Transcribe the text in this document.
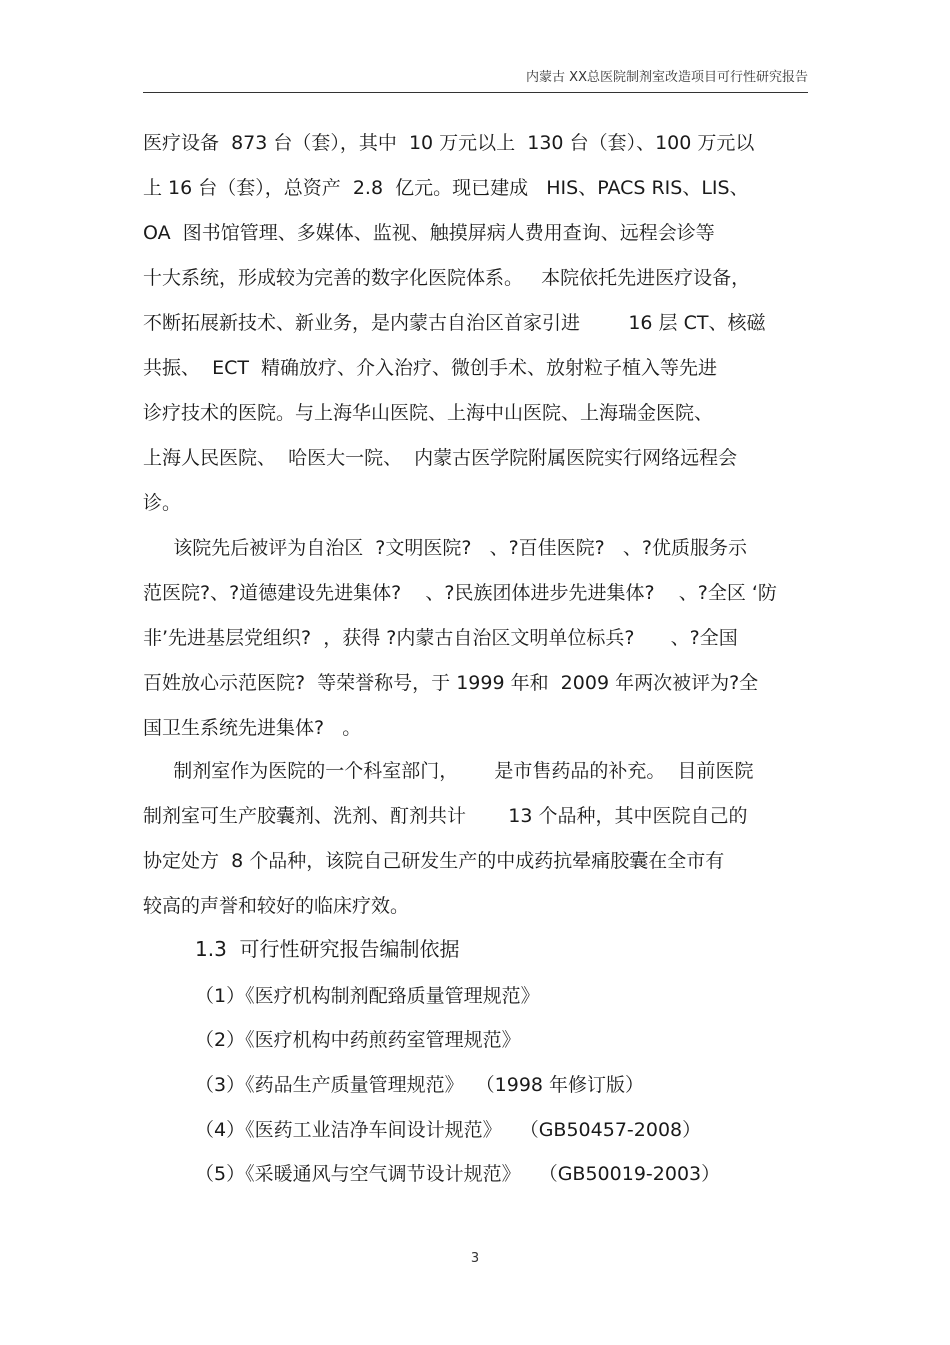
内蒙古 XX总医院制剂室改造项目可行性研究报告
医疗设备  873 台（套），其中  10 万元以上  130 台（套）、100 万元以
上 16 台（套），总资产  2.8  亿元。现已建成   HIS、PACS RIS、LIS、
OA  图书馆管理、多媒体、监视、触摸屏病人费用查询、远程会诊等
十大系统，形成较为完善的数字化医院体系。   本院依托先进医疗设备，
不断拓展新技术、新业务，是内蒙古自治区首家引进        16 层 CT、核磁
共振、  ECT  精确放疗、介入治疗、微创手术、放射粒子植入等先进
诊疗技术的医院。与上海华山医院、上海中山医院、上海瑞金医院、
上海人民医院、  哈医大一院、  内蒙古医学院附属医院实行网络远程会
诊。
该院先后被评为自治区  ?文明医院?   、?百佳医院?   、?优质服务示
范医院?、?道德建设先进集体?    、?民族团体进步先进集体?    、?全区 ‘防
非’先进基层党组织?  ，获得 ?内蒙古自治区文明单位标兵?      、?全国
百姓放心示范医院?  等荣誉称号，于 1999 年和  2009 年两次被评为?全
国卫生系统先进集体?   。
制剂室作为医院的一个科室部门，      是市售药品的补充。  目前医院
制剂室可生产胶囊剂、洗剂、酊剂共计       13 个品种，其中医院自己的
协定处方  8 个品种，该院自己研发生产的中成药抗晕痛胶囊在全市有
较高的声誉和较好的临床疗效。
1.3  可行性研究报告编制依据
（1）《医疗机构制剂配臵质量管理规范》
（2）《医疗机构中药煎药室管理规范》
（3）《药品生产质量管理规范》  （1998 年修订版）
（4）《医药工业洁净车间设计规范》   （GB50457-2008）
（5）《采暖通风与空气调节设计规范》   （GB50019-2003）
3
